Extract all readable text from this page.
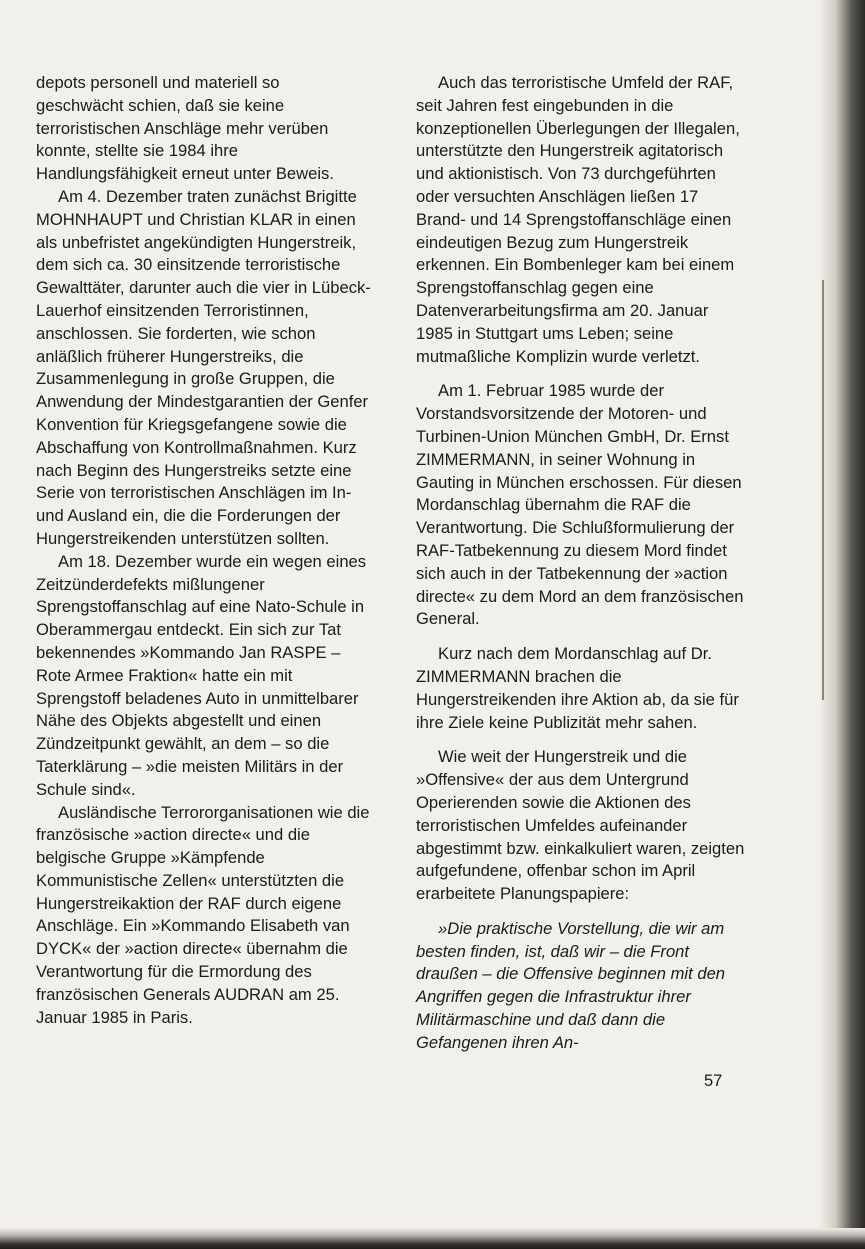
depots personell und materiell so geschwächt schien, daß sie keine terroristischen Anschläge mehr verüben konnte, stellte sie 1984 ihre Handlungsfähigkeit erneut unter Beweis.

Am 4. Dezember traten zunächst Brigitte MOHNHAUPT und Christian KLAR in einen als unbefristet angekündigten Hungerstreik, dem sich ca. 30 einsitzende terroristische Gewalttäter, darunter auch die vier in Lübeck-Lauerhof einsitzenden Terroristinnen, anschlossen. Sie forderten, wie schon anläßlich früherer Hungerstreiks, die Zusammenlegung in große Gruppen, die Anwendung der Mindestgarantien der Genfer Konvention für Kriegsgefangene sowie die Abschaffung von Kontrollmaßnahmen. Kurz nach Beginn des Hungerstreiks setzte eine Serie von terroristischen Anschlägen im In- und Ausland ein, die die Forderungen der Hungerstreikenden unterstützen sollten.

Am 18. Dezember wurde ein wegen eines Zeitzünderdefekts mißlungener Sprengstoffanschlag auf eine Nato-Schule in Oberammergau entdeckt. Ein sich zur Tat bekennendes »Kommando Jan RASPE – Rote Armee Fraktion« hatte ein mit Sprengstoff beladenes Auto in unmittelbarer Nähe des Objekts abgestellt und einen Zündzeitpunkt gewählt, an dem – so die Taterklärung – »die meisten Militärs in der Schule sind«.

Ausländische Terrororganisationen wie die französische »action directe« und die belgische Gruppe »Kämpfende Kommunistische Zellen« unterstützten die Hungerstreikaktion der RAF durch eigene Anschläge. Ein »Kommando Elisabeth van DYCK« der »action directe« übernahm die Verantwortung für die Ermordung des französischen Generals AUDRAN am 25. Januar 1985 in Paris.

Auch das terroristische Umfeld der RAF, seit Jahren fest eingebunden in die konzeptionellen Überlegungen der Illegalen, unterstützte den Hungerstreik agitatorisch und aktionistisch. Von 73 durchgeführten oder versuchten Anschlägen ließen 17 Brand- und 14 Sprengstoffanschläge einen eindeutigen Bezug zum Hungerstreik erkennen. Ein Bombenleger kam bei einem Sprengstoffanschlag gegen eine Datenverarbeitungsfirma am 20. Januar 1985 in Stuttgart ums Leben; seine mutmaßliche Komplizin wurde verletzt.

Am 1. Februar 1985 wurde der Vorstandsvorsitzende der Motoren- und Turbinen-Union München GmbH, Dr. Ernst ZIMMERMANN, in seiner Wohnung in Gauting in München erschossen. Für diesen Mordanschlag übernahm die RAF die Verantwortung. Die Schlußformulierung der RAF-Tatbekennung zu diesem Mord findet sich auch in der Tatbekennung der »action directe« zu dem Mord an dem französischen General.

Kurz nach dem Mordanschlag auf Dr. ZIMMERMANN brachen die Hungerstreikenden ihre Aktion ab, da sie für ihre Ziele keine Publizität mehr sahen.

Wie weit der Hungerstreik und die »Offensive« der aus dem Untergrund Operierenden sowie die Aktionen des terroristischen Umfeldes aufeinander abgestimmt bzw. einkalkuliert waren, zeigten aufgefundene, offenbar schon im April erarbeitete Planungspapiere:

»Die praktische Vorstellung, die wir am besten finden, ist, daß wir – die Front draußen – die Offensive beginnen mit den Angriffen gegen die Infrastruktur ihrer Militärmaschine und daß dann die Gefangenen ihren An-

57
